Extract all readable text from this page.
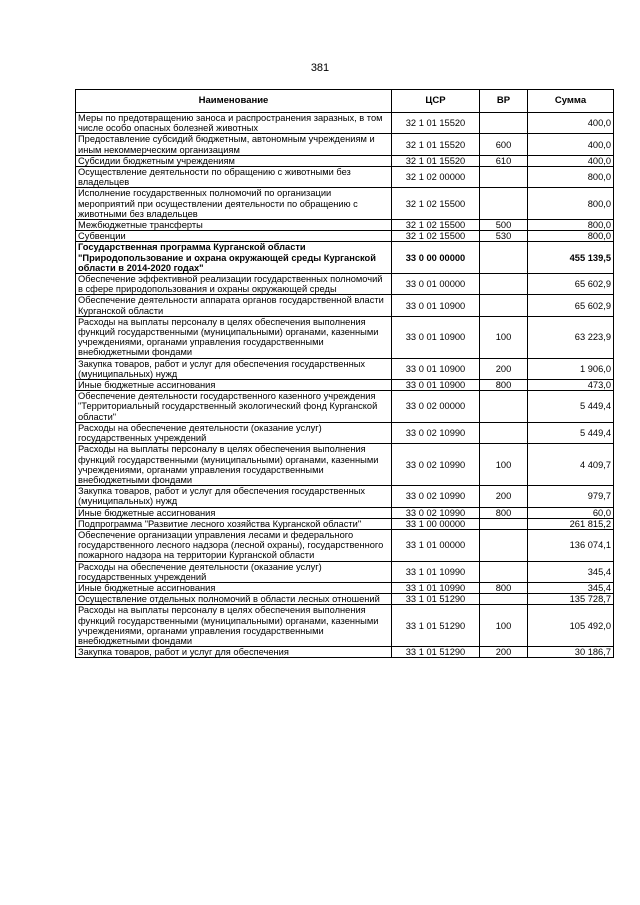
381
Наименование	ЦСР	ВР	Сумма
Меры по предотвращению заноса и распространения заразных, в том числе особо опасных болезней животных	32 1 01 15520		400,0
Предоставление субсидий бюджетным, автономным учреждениям и иным некоммерческим организациям	32 1 01 15520	600	400,0
Субсидии бюджетным учреждениям	32 1 01 15520	610	400,0
Осуществление деятельности по обращению с животными без владельцев	32 1 02 00000		800,0
Исполнение государственных полномочий по организации мероприятий при осуществлении деятельности по обращению с животными без владельцев	32 1 02 15500		800,0
Межбюджетные трансферты	32 1 02 15500	500	800,0
Субвенции	32 1 02 15500	530	800,0
Государственная программа Курганской области "Природопользование и охрана окружающей среды Курганской области в 2014-2020 годах"	33 0 00 00000		455 139,5
Обеспечение эффективной реализации государственных полномочий в сфере природопользования и охраны окружающей среды	33 0 01 00000		65 602,9
Обеспечение деятельности аппарата органов государственной власти Курганской области	33 0 01 10900		65 602,9
Расходы на выплаты персоналу в целях обеспечения выполнения функций государственными (муниципальными) органами, казенными учреждениями, органами управления государственными внебюджетными фондами	33 0 01 10900	100	63 223,9
Закупка товаров, работ и услуг для обеспечения государственных (муниципальных) нужд	33 0 01 10900	200	1 906,0
Иные бюджетные ассигнования	33 0 01 10900	800	473,0
Обеспечение деятельности государственного казенного учреждения "Территориальный государственный экологический фонд Курганской области"	33 0 02 00000		5 449,4
Расходы на обеспечение деятельности (оказание услуг) государственных учреждений	33 0 02 10990		5 449,4
Расходы на выплаты персоналу в целях обеспечения выполнения функций государственными (муниципальными) органами, казенными учреждениями, органами управления государственными внебюджетными фондами	33 0 02 10990	100	4 409,7
Закупка товаров, работ и услуг для обеспечения государственных (муниципальных) нужд	33 0 02 10990	200	979,7
Иные бюджетные ассигнования	33 0 02 10990	800	60,0
Подпрограмма "Развитие лесного хозяйства Курганской области"	33 1 00 00000		261 815,2
Обеспечение организации управления лесами и федерального государственного лесного надзора (лесной охраны), государственного пожарного надзора на территории Курганской области	33 1 01 00000		136 074,1
Расходы на обеспечение деятельности (оказание услуг) государственных учреждений	33 1 01 10990		345,4
Иные бюджетные ассигнования	33 1 01 10990	800	345,4
Осуществление отдельных полномочий в области лесных отношений	33 1 01 51290		135 728,7
Расходы на выплаты персоналу в целях обеспечения выполнения функций государственными (муниципальными) органами, казенными учреждениями, органами управления государственными внебюджетными фондами	33 1 01 51290	100	105 492,0
Закупка товаров, работ и услуг для обеспечения	33 1 01 51290	200	30 186,7
